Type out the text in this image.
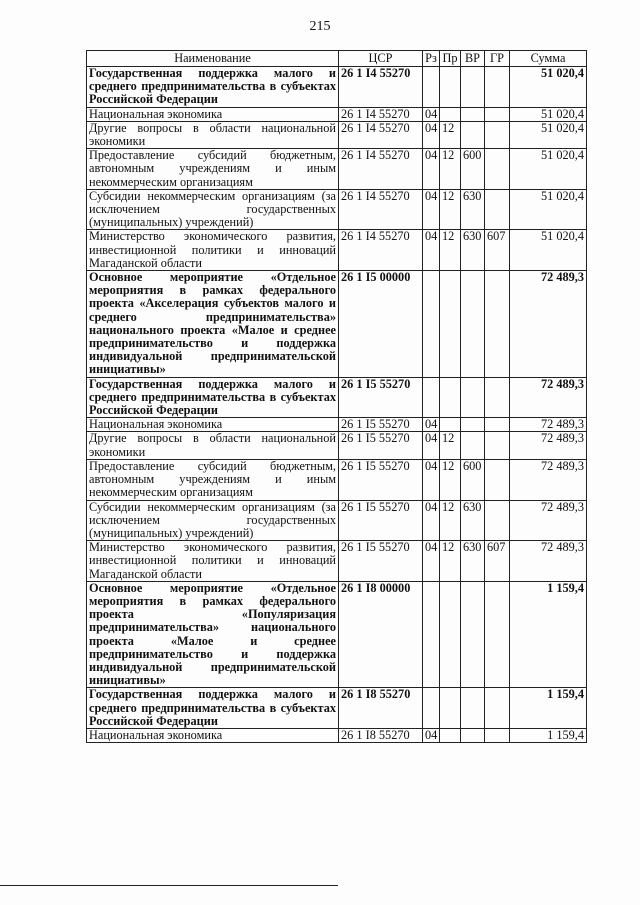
215
Наименование	ЦСР	Рз	Пр	ВР	ГР	Сумма
Государственная поддержка малого и среднего предпринимательства в субъектах Российской Федерации	26 1 I4 55270					51 020,4
Национальная экономика	26 1 I4 55270	04				51 020,4
Другие вопросы в области национальной экономики	26 1 I4 55270	04	12			51 020,4
Предоставление субсидий бюджетным, автономным учреждениям и иным некоммерческим организациям	26 1 I4 55270	04	12	600		51 020,4
Субсидии некоммерческим организациям (за исключением государственных (муниципальных) учреждений)	26 1 I4 55270	04	12	630		51 020,4
Министерство экономического развития, инвестиционной политики и инноваций Магаданской области	26 1 I4 55270	04	12	630	607	51 020,4
Основное мероприятие «Отдельное мероприятия в рамках федерального проекта «Акселерация субъектов малого и среднего предпринимательства» национального проекта «Малое и среднее предпринимательство и поддержка индивидуальной предпринимательской инициативы»	26 1 I5 00000					72 489,3
Государственная поддержка малого и среднего предпринимательства в субъектах Российской Федерации	26 1 I5 55270					72 489,3
Национальная экономика	26 1 I5 55270	04				72 489,3
Другие вопросы в области национальной экономики	26 1 I5 55270	04	12			72 489,3
Предоставление субсидий бюджетным, автономным учреждениям и иным некоммерческим организациям	26 1 I5 55270	04	12	600		72 489,3
Субсидии некоммерческим организациям (за исключением государственных (муниципальных) учреждений)	26 1 I5 55270	04	12	630		72 489,3
Министерство экономического развития, инвестиционной политики и инноваций Магаданской области	26 1 I5 55270	04	12	630	607	72 489,3
Основное мероприятие «Отдельное мероприятия в рамках федерального проекта «Популяризация предпринимательства» национального проекта «Малое и среднее предпринимательство и поддержка индивидуальной предпринимательской инициативы»	26 1 I8 00000					1 159,4
Государственная поддержка малого и среднего предпринимательства в субъектах Российской Федерации	26 1 I8 55270					1 159,4
Национальная экономика	26 1 I8 55270	04				1 159,4
